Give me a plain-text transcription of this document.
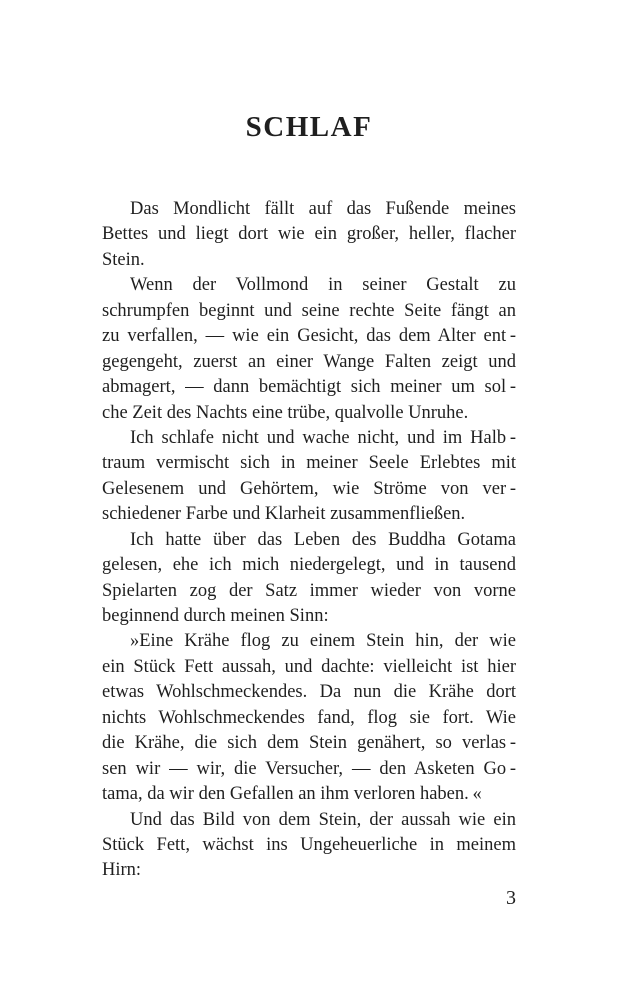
SCHLAF
Das Mondlicht fällt auf das Fußende meines
Bettes und liegt dort wie ein großer, heller, flacher
Stein.
Wenn der Vollmond in seiner Gestalt zu
schrumpfen beginnt und seine rechte Seite fängt an
zu verfallen, — wie ein Gesicht, das dem Alter ent -
gegengeht, zuerst an einer Wange Falten zeigt und
abmagert, — dann bemächtigt sich meiner um sol -
che Zeit des Nachts eine trübe, qualvolle Unruhe.
Ich schlafe nicht und wache nicht, und im Halb -
traum vermischt sich in meiner Seele Erlebtes mit
Gelesenem und Gehörtem, wie Ströme von ver -
schiedener Farbe und Klarheit zusammenfließen.
Ich hatte über das Leben des Buddha Gotama
gelesen, ehe ich mich niedergelegt, und in tausend
Spielarten zog der Satz immer wieder von vorne
beginnend durch meinen Sinn:
»Eine Krähe flog zu einem Stein hin, der wie
ein Stück Fett aussah, und dachte: vielleicht ist hier
etwas Wohlschmeckendes. Da nun die Krähe dort
nichts Wohlschmeckendes fand, flog sie fort. Wie
die Krähe, die sich dem Stein genähert, so verlas -
sen wir — wir, die Versucher, — den Asketen Go -
tama, da wir den Gefallen an ihm verloren haben. «
Und das Bild von dem Stein, der aussah wie ein
Stück Fett, wächst ins Ungeheuerliche in meinem
Hirn:
3
